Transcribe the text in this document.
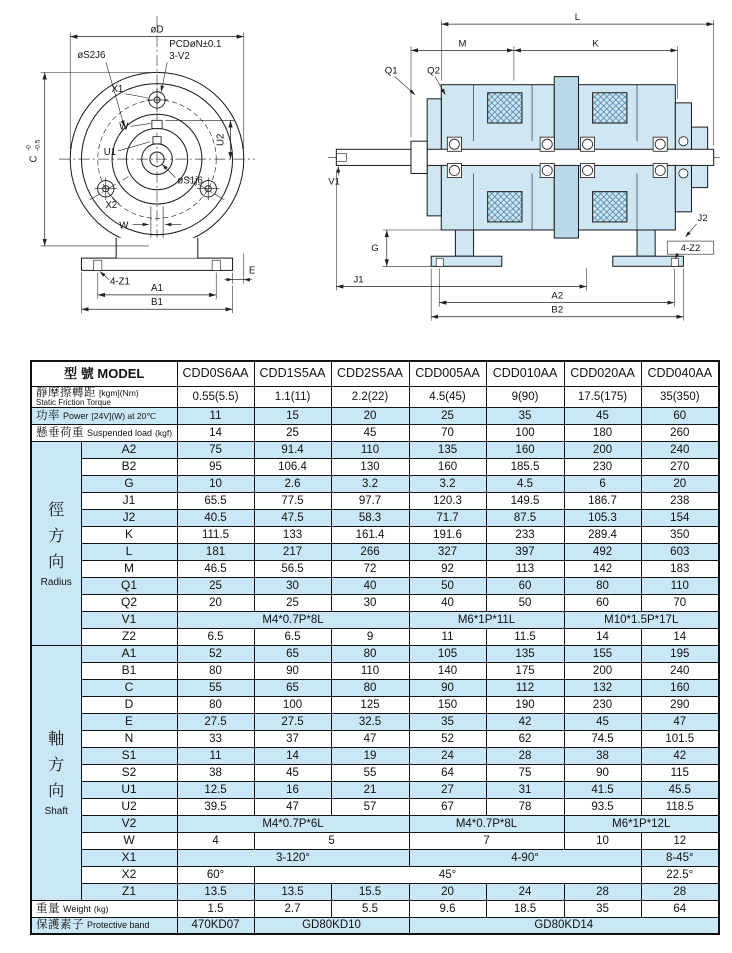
øD
øS2J6
PCDøN±0.1
3-V2
X1
W
U1
øS1j6
U2
X2
W
C
-0 -0.5
E
4-Z1
A1
B1
L
M	K
Q1	Q2
V1
G
J2
4-Z2
J1
A2
B2
型 號 MODEL		CDD0S6AA	CDD1S5AA	CDD2S5AA	CDD005AA	CDD010AA	CDD020AA	CDD040AA

靜摩擦轉距 [kgm](Nm)
Static Friction Torque		0.55(5.5)	1.1(11)	2.2(22)	4.5(45)	9(90)	17.5(175)	35(350)
功率 Power [24V](W) at 20℃		11	15	20	25	35	45	60
懸垂荷重 Suspended load (kgf)		14	25	45	70	100	180	260

徑
方
向
Radius	A2	75	91.4	110	135	160	200	240
	B2	95	106.4	130	160	185.5	230	270
	G	10	2.6	3.2	3.2	4.5	6	20
	J1	65.5	77.5	97.7	120.3	149.5	186.7	238
	J2	40.5	47.5	58.3	71.7	87.5	105.3	154
	K	111.5	133	161.4	191.6	233	289.4	350
	L	181	217	266	327	397	492	603
	M	46.5	56.5	72	92	113	142	183
	Q1	25	30	40	50	60	80	110
	Q2	20	25	30	40	50	60	70
	V1	M4*0.7P*8L			M6*1P*11L		M10*1.5P*17L	
	Z2	6.5	6.5	9	11	11.5	14	14

軸
方
向
Shaft	A1	52	65	80	105	135	155	195
	B1	80	90	110	140	175	200	240
	C	55	65	80	90	112	132	160
	D	80	100	125	150	190	230	290
	E	27.5	27.5	32.5	35	42	45	47
	N	33	37	47	52	62	74.5	101.5
	S1	11	14	19	24	28	38	42
	S2	38	45	55	64	75	90	115
	U1	12.5	16	21	27	31	41.5	45.5
	U2	39.5	47	57	67	78	93.5	118.5
	V2	M4*0.7P*6L			M4*0.7P*8L		M6*1P*12L	
	W	4	5		7		10	12
	X1	3-120°			4-90°			8-45°
	X2	60°	45°					22.5°
	Z1	13.5	13.5	15.5	20	24	28	28
重量 Weight (kg)		1.5	2.7	5.5	9.6	18.5	35	64
保護素子 Protective band		470KD07	GD80KD10		GD80KD14			
